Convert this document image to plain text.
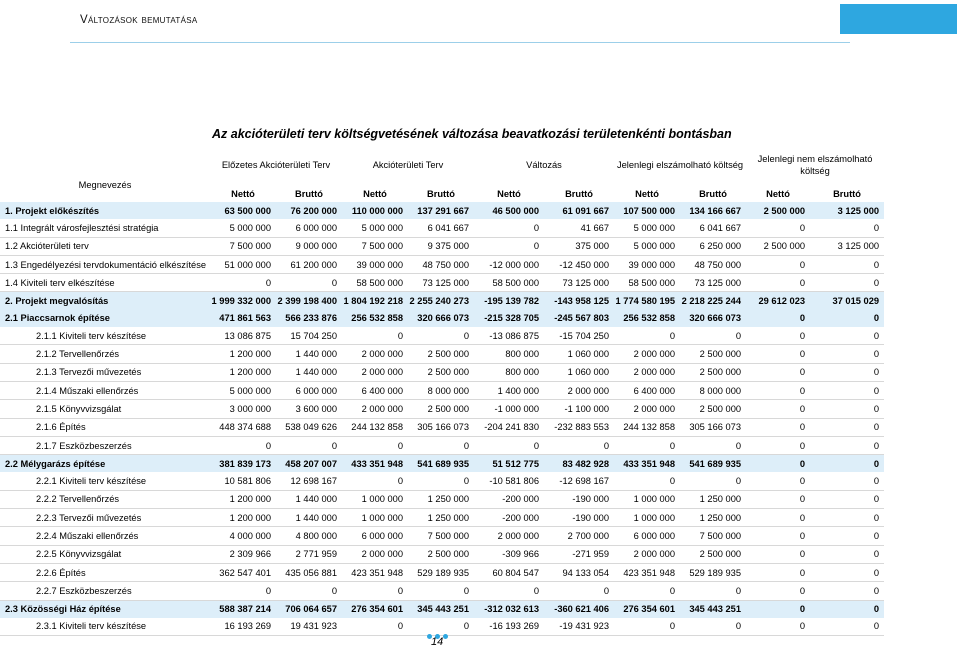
Változások bemutatása
Az akcióterületi terv költségvetésének változása beavatkozási területenkénti bontásban
Megnevezés	Előzetes Akcióterületi Terv		Akcióterületi Terv		Változás		Jelenlegi elszámolható költség		Jelenlegi nem elszámolható költség	
	Nettó	Bruttó	Nettó	Bruttó	Nettó	Bruttó	Nettó	Bruttó	Nettó	Bruttó
1. Projekt előkészítés	63 500 000	76 200 000	110 000 000	137 291 667	46 500 000	61 091 667	107 500 000	134 166 667	2 500 000	3 125 000
1.1 Integrált városfejlesztési stratégia	5 000 000	6 000 000	5 000 000	6 041 667	0	41 667	5 000 000	6 041 667	0	0
1.2 Akcióterületi terv	7 500 000	9 000 000	7 500 000	9 375 000	0	375 000	5 000 000	6 250 000	2 500 000	3 125 000
1.3 Engedélyezési tervdokumentáció elkészítése	51 000 000	61 200 000	39 000 000	48 750 000	-12 000 000	-12 450 000	39 000 000	48 750 000	0	0
1.4 Kiviteli terv elkészítése	0	0	58 500 000	73 125 000	58 500 000	73 125 000	58 500 000	73 125 000	0	0
2. Projekt megvalósítás	1 999 332 000	2 399 198 400	1 804 192 218	2 255 240 273	-195 139 782	-143 958 125	1 774 580 195	2 218 225 244	29 612 023	37 015 029
2.1 Piaccsarnok építése	471 861 563	566 233 876	256 532 858	320 666 073	-215 328 705	-245 567 803	256 532 858	320 666 073	0	0
2.1.1 Kiviteli terv készítése	13 086 875	15 704 250	0	0	-13 086 875	-15 704 250	0	0	0	0
2.1.2 Tervellenőrzés	1 200 000	1 440 000	2 000 000	2 500 000	800 000	1 060 000	2 000 000	2 500 000	0	0
2.1.3 Tervezői művezetés	1 200 000	1 440 000	2 000 000	2 500 000	800 000	1 060 000	2 000 000	2 500 000	0	0
2.1.4 Műszaki ellenőrzés	5 000 000	6 000 000	6 400 000	8 000 000	1 400 000	2 000 000	6 400 000	8 000 000	0	0
2.1.5 Könyvvizsgálat	3 000 000	3 600 000	2 000 000	2 500 000	-1 000 000	-1 100 000	2 000 000	2 500 000	0	0
2.1.6 Építés	448 374 688	538 049 626	244 132 858	305 166 073	-204 241 830	-232 883 553	244 132 858	305 166 073	0	0
2.1.7 Eszközbeszerzés	0	0	0	0	0	0	0	0	0	0
2.2 Mélygarázs építése	381 839 173	458 207 007	433 351 948	541 689 935	51 512 775	83 482 928	433 351 948	541 689 935	0	0
2.2.1 Kiviteli terv készítése	10 581 806	12 698 167	0	0	-10 581 806	-12 698 167	0	0	0	0
2.2.2 Tervellenőrzés	1 200 000	1 440 000	1 000 000	1 250 000	-200 000	-190 000	1 000 000	1 250 000	0	0
2.2.3 Tervezői művezetés	1 200 000	1 440 000	1 000 000	1 250 000	-200 000	-190 000	1 000 000	1 250 000	0	0
2.2.4 Műszaki ellenőrzés	4 000 000	4 800 000	6 000 000	7 500 000	2 000 000	2 700 000	6 000 000	7 500 000	0	0
2.2.5 Könyvvizsgálat	2 309 966	2 771 959	2 000 000	2 500 000	-309 966	-271 959	2 000 000	2 500 000	0	0
2.2.6 Építés	362 547 401	435 056 881	423 351 948	529 189 935	60 804 547	94 133 054	423 351 948	529 189 935	0	0
2.2.7 Eszközbeszerzés	0	0	0	0	0	0	0	0	0	0
2.3 Közösségi Ház építése	588 387 214	706 064 657	276 354 601	345 443 251	-312 032 613	-360 621 406	276 354 601	345 443 251	0	0
2.3.1 Kiviteli terv készítése	16 193 269	19 431 923	0	0	-16 193 269	-19 431 923	0	0	0	0
14
